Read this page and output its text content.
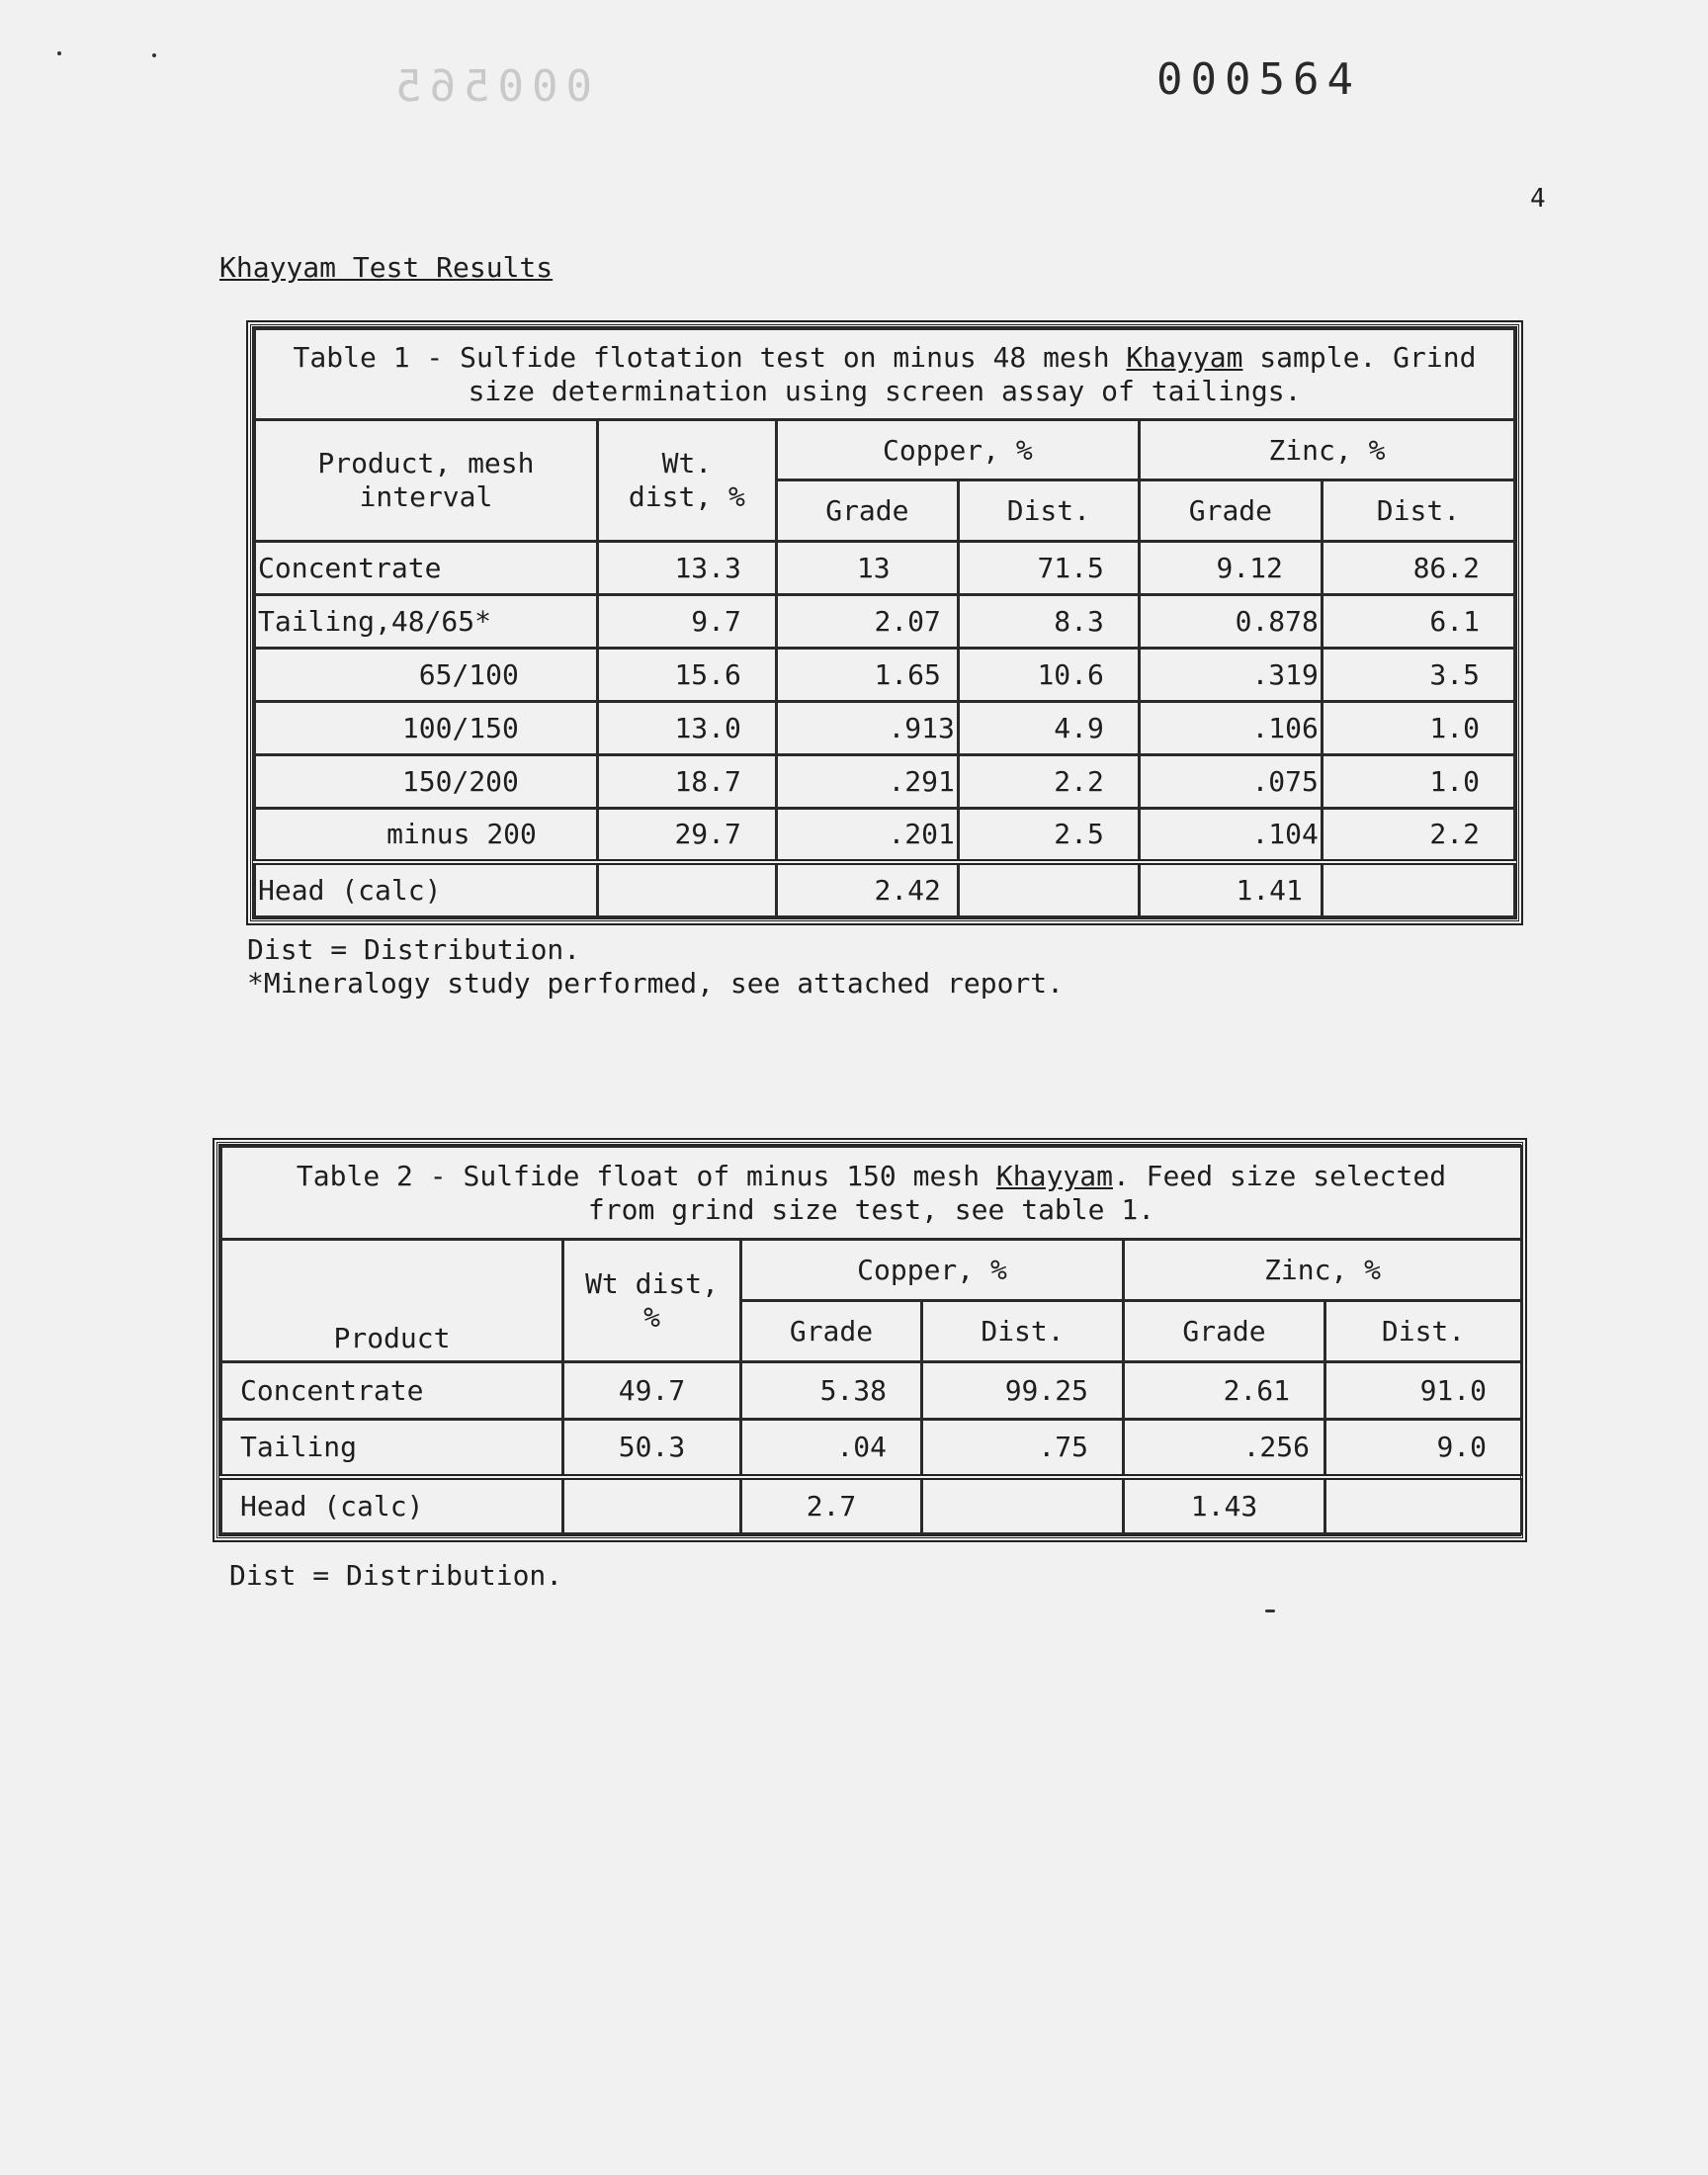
000565	000564
4
Khayyam Test Results
Table 1 - Sulfide flotation test on minus 48 mesh Khayyam sample. Grind size determination using screen assay of tailings.					
Product, mesh interval	Wt. dist, %	Copper, %		Zinc, %	
		Grade	Dist.	Grade	Dist.
Concentrate	13.3	13	71.5	9.12	86.2
Tailing,48/65*	9.7	2.07	8.3	0.878	6.1
65/100	15.6	1.65	10.6	.319	3.5
100/150	13.0	.913	4.9	.106	1.0
150/200	18.7	.291	2.2	.075	1.0
minus 200	29.7	.201	2.5	.104	2.2
Head (calc)		2.42		1.41	
Dist = Distribution.
*Mineralogy study performed, see attached report.
Table 2 - Sulfide float of minus 150 mesh Khayyam. Feed size selected from grind size test, see table 1.					
Product	Wt dist, %	Copper, %		Zinc, %	
		Grade	Dist.	Grade	Dist.
Concentrate	49.7	5.38	99.25	2.61	91.0
Tailing	50.3	.04	.75	.256	9.0
Head (calc)		2.7		1.43	
Dist = Distribution.
